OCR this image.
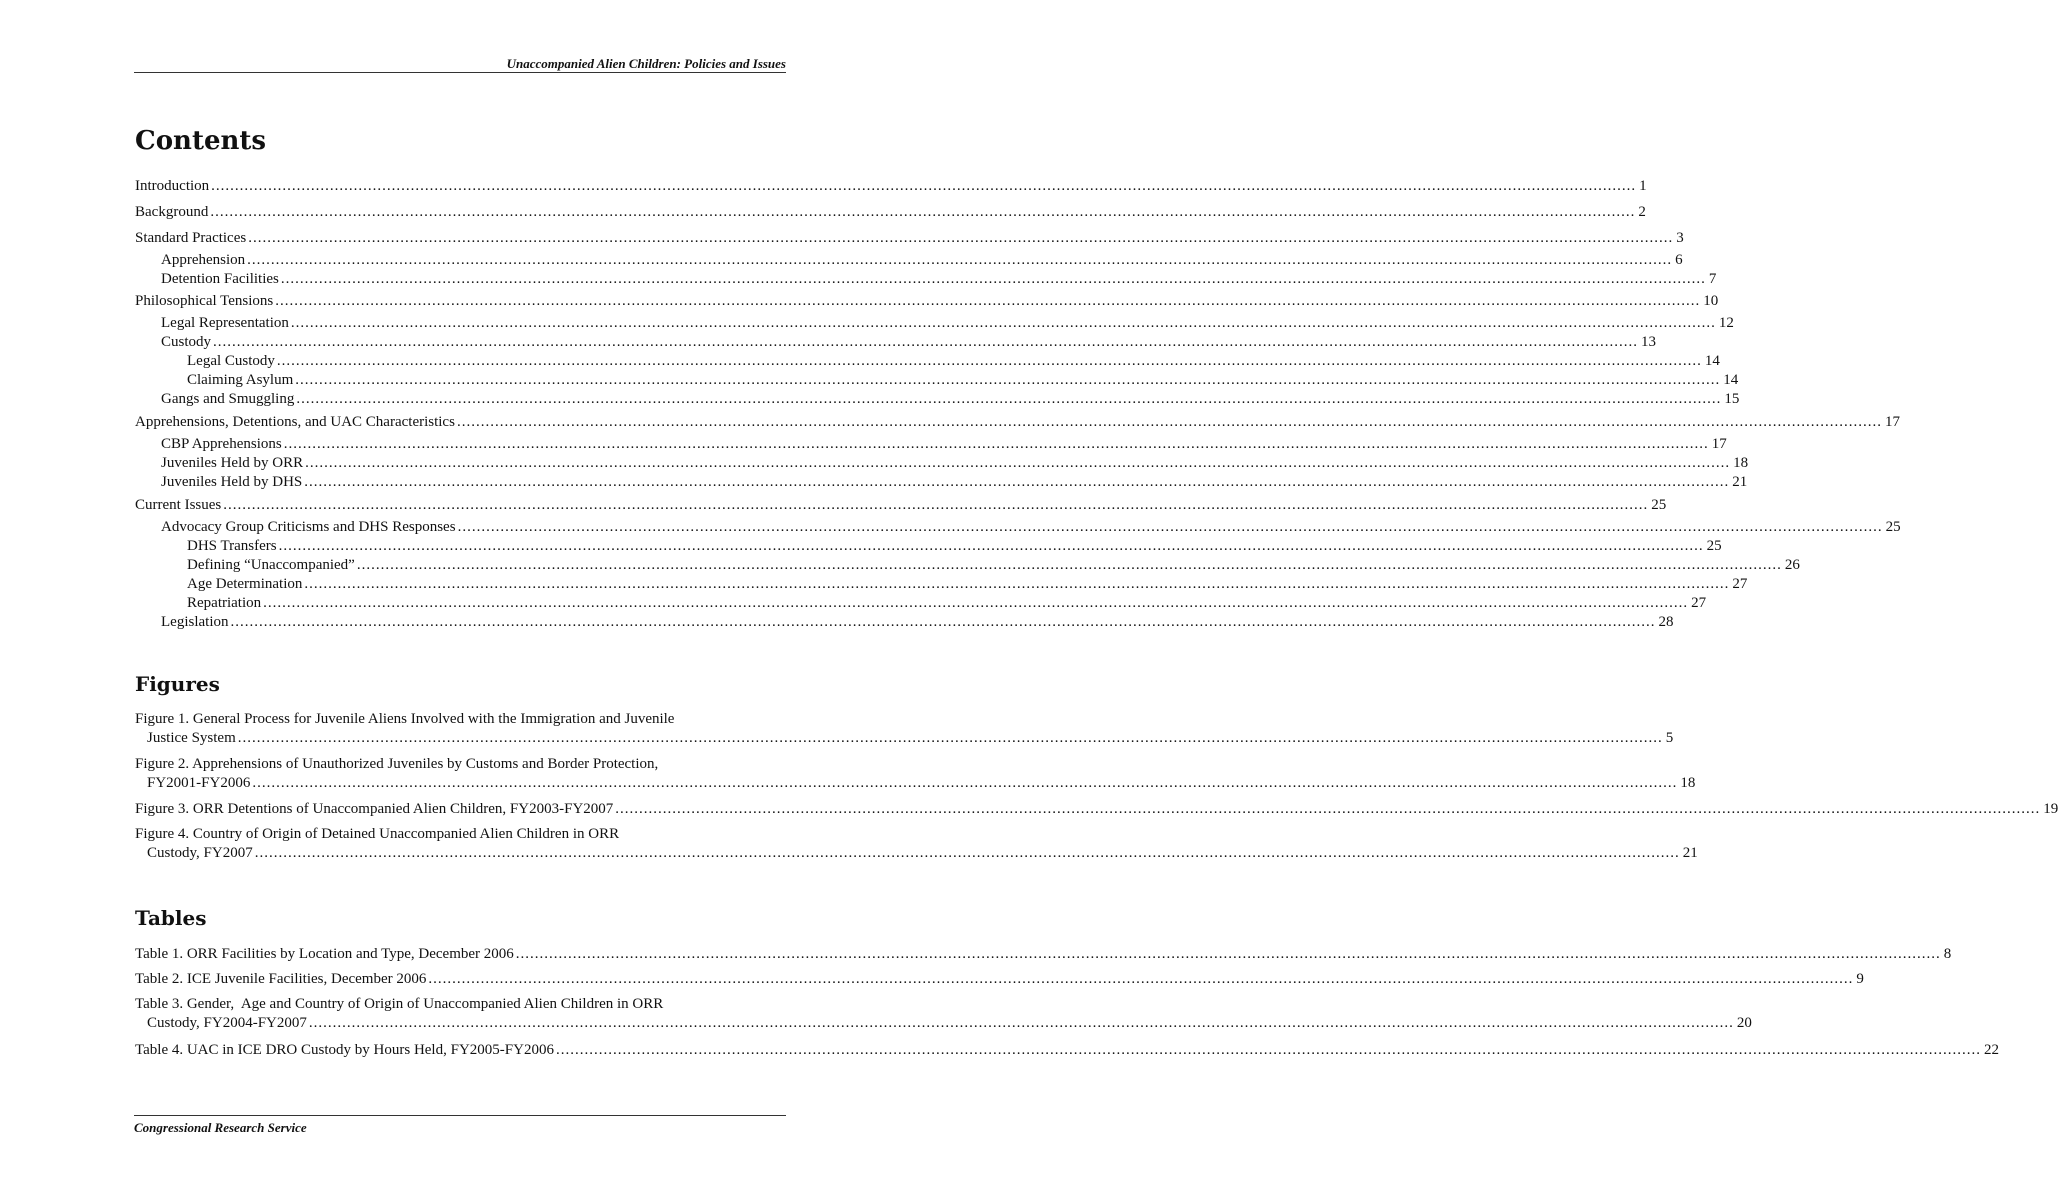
Unaccompanied Alien Children: Policies and Issues
Contents
Introduction ............................................................................................................................................................................................................................................................................................................ 1
Background ............................................................................................................................................................................................................................................................................................................ 2
Standard Practices ............................................................................................................................................................................................................................................................................................................ 3
Apprehension ............................................................................................................................................................................................................................................................................................................ 6
Detention Facilities ............................................................................................................................................................................................................................................................................................................ 7
Philosophical Tensions ............................................................................................................................................................................................................................................................................................................ 10
Legal Representation ............................................................................................................................................................................................................................................................................................................ 12
Custody ............................................................................................................................................................................................................................................................................................................ 13
Legal Custody ............................................................................................................................................................................................................................................................................................................ 14
Claiming Asylum ............................................................................................................................................................................................................................................................................................................ 14
Gangs and Smuggling ............................................................................................................................................................................................................................................................................................................ 15
Apprehensions, Detentions, and UAC Characteristics ............................................................................................................................................................................................................................................................................................................ 17
CBP Apprehensions ............................................................................................................................................................................................................................................................................................................ 17
Juveniles Held by ORR ............................................................................................................................................................................................................................................................................................................ 18
Juveniles Held by DHS ............................................................................................................................................................................................................................................................................................................ 21
Current Issues ............................................................................................................................................................................................................................................................................................................ 25
Advocacy Group Criticisms and DHS Responses ............................................................................................................................................................................................................................................................................................................ 25
DHS Transfers ............................................................................................................................................................................................................................................................................................................ 25
Defining “Unaccompanied” ............................................................................................................................................................................................................................................................................................................ 26
Age Determination ............................................................................................................................................................................................................................................................................................................ 27
Repatriation ............................................................................................................................................................................................................................................................................................................ 27
Legislation ............................................................................................................................................................................................................................................................................................................ 28
Figures
Figure 1. General Process for Juvenile Aliens Involved with the Immigration and Juvenile
Justice System ............................................................................................................................................................................................................................................................................................................ 5
Figure 2. Apprehensions of Unauthorized Juveniles by Customs and Border Protection,
FY2001-FY2006 ............................................................................................................................................................................................................................................................................................................ 18
Figure 3. ORR Detentions of Unaccompanied Alien Children, FY2003-FY2007 ............................................................................................................................................................................................................................................................................................................ 19
Figure 4. Country of Origin of Detained Unaccompanied Alien Children in ORR
Custody, FY2007 ............................................................................................................................................................................................................................................................................................................ 21
Tables
Table 1. ORR Facilities by Location and Type, December 2006 ............................................................................................................................................................................................................................................................................................................ 8
Table 2. ICE Juvenile Facilities, December 2006 ............................................................................................................................................................................................................................................................................................................ 9
Table 3. Gender,  Age and Country of Origin of Unaccompanied Alien Children in ORR
Custody, FY2004-FY2007 ............................................................................................................................................................................................................................................................................................................ 20
Table 4. UAC in ICE DRO Custody by Hours Held, FY2005-FY2006 ............................................................................................................................................................................................................................................................................................................ 22
Congressional Research Service
